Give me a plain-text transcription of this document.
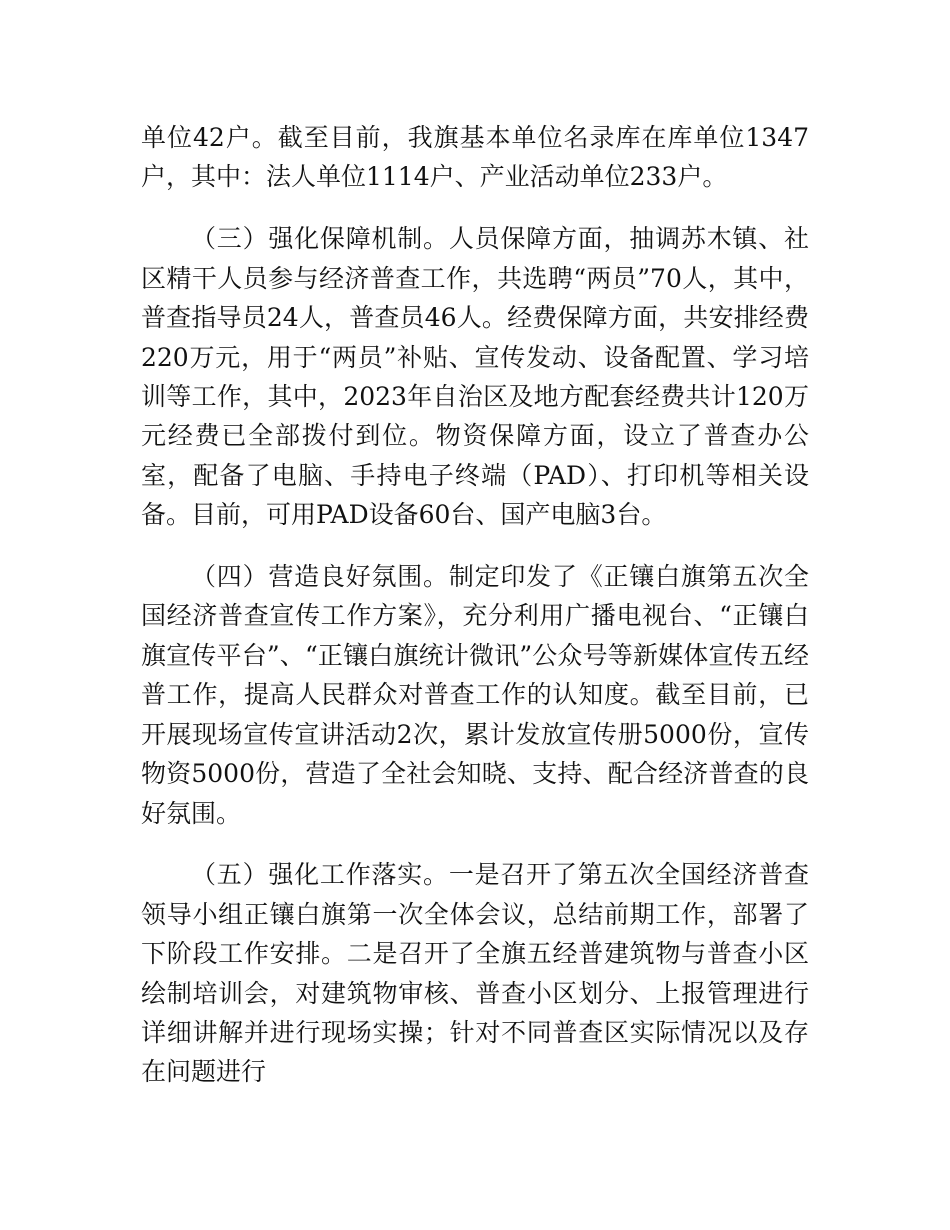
单位42户。截至目前，我旗基本单位名录库在库单位1347户，其中：法人单位1114户、产业活动单位233户。

（三）强化保障机制。人员保障方面，抽调苏木镇、社区精干人员参与经济普查工作，共选聘“两员”70人，其中，普查指导员24人，普查员46人。经费保障方面，共安排经费220万元，用于“两员”补贴、宣传发动、设备配置、学习培训等工作，其中，2023年自治区及地方配套经费共计120万元经费已全部拨付到位。物资保障方面，设立了普查办公室，配备了电脑、手持电子终端（PAD）、打印机等相关设备。目前，可用PAD设备60台、国产电脑3台。

（四）营造良好氛围。制定印发了《正镶白旗第五次全国经济普查宣传工作方案》，充分利用广播电视台、“正镶白旗宣传平台”、“正镶白旗统计微讯”公众号等新媒体宣传五经普工作，提高人民群众对普查工作的认知度。截至目前，已开展现场宣传宣讲活动2次，累计发放宣传册5000份，宣传物资5000份，营造了全社会知晓、支持、配合经济普查的良好氛围。

（五）强化工作落实。一是召开了第五次全国经济普查领导小组正镶白旗第一次全体会议，总结前期工作，部署了下阶段工作安排。二是召开了全旗五经普建筑物与普查小区绘制培训会，对建筑物审核、普查小区划分、上报管理进行详细讲解并进行现场实操；针对不同普查区实际情况以及存在问题进行
